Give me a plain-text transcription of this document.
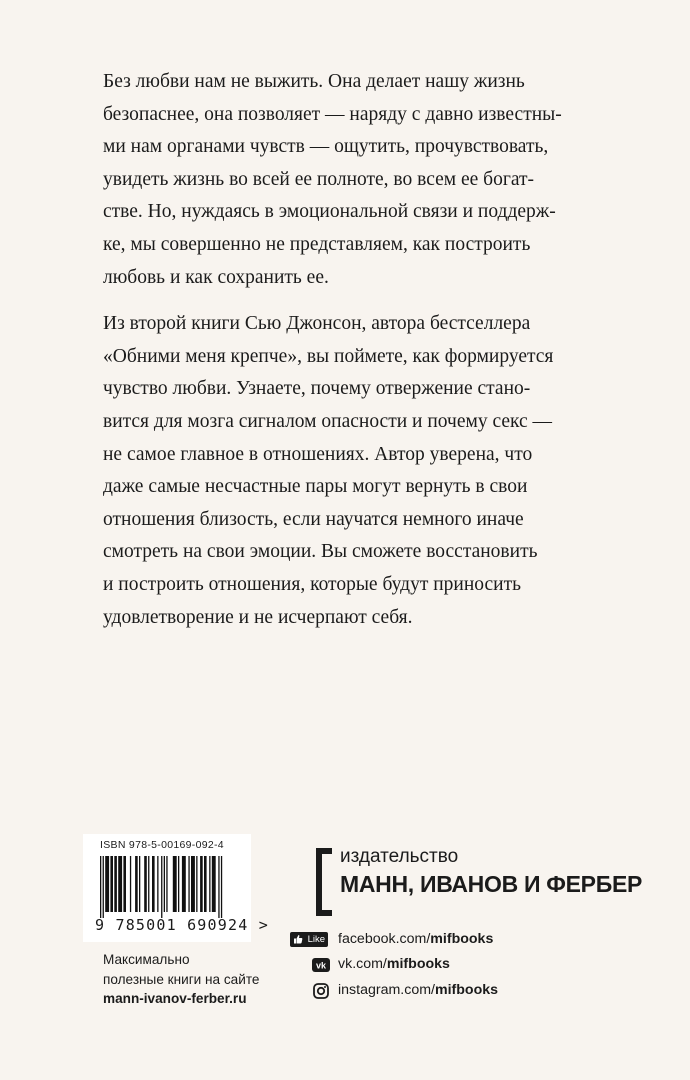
Без любви нам не выжить. Она делает нашу жизнь
безопаснее, она позволяет — наряду с давно известны-
ми нам органами чувств — ощутить, прочувствовать,
увидеть жизнь во всей ее полноте, во всем ее богат-
стве. Но, нуждаясь в эмоциональной связи и поддерж-
ке, мы совершенно не представляем, как построить
любовь и как сохранить ее.

Из второй книги Сью Джонсон, автора бестселлера
«Обними меня крепче», вы поймете, как формируется
чувство любви. Узнаете, почему отвержение стано-
вится для мозга сигналом опасности и почему секс —
не самое главное в отношениях. Автор уверена, что
даже самые несчастные пары могут вернуть в свои
отношения близость, если научатся немного иначе
смотреть на свои эмоции. Вы сможете восстановить
и построить отношения, которые будут приносить
удовлетворение и не исчерпают себя.

ISBN 978-5-00169-092-4
9 785001 690924 >
Максимально
полезные книги на сайте
mann-ivanov-ferber.ru
издательство
МАНН, ИВАНОВ И ФЕРБЕР
Like facebook.com/mifbooks
vk vk.com/mifbooks
instagram.com/mifbooks
